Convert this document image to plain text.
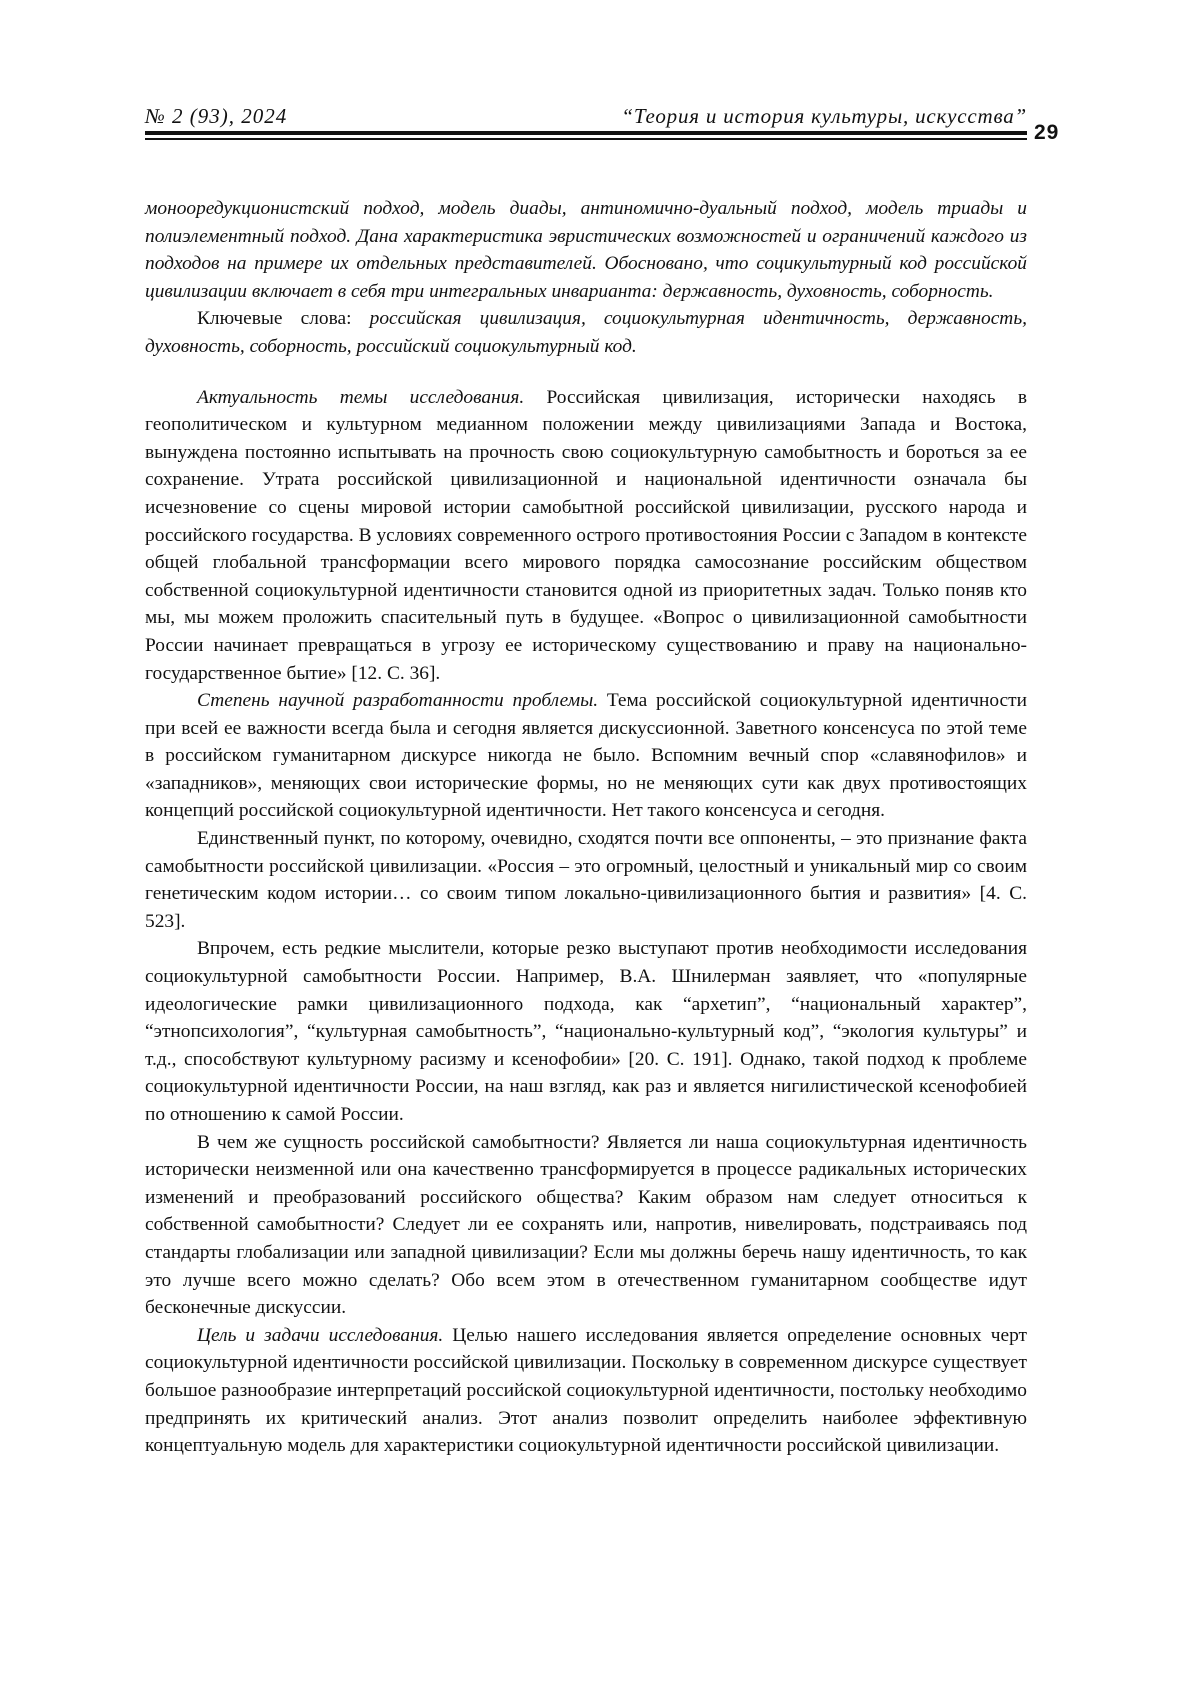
№ 2 (93), 2024	“Теория и история культуры, искусства”
29

монооредукционистский подход, модель диады, антиномично-дуальный подход, модель триады и полиэлементный подход. Дана характеристика эвристических возможностей и ограничений каждого из подходов на примере их отдельных представителей. Обосновано, что социкультурный код российской цивилизации включает в себя три интегральных инварианта: державность, духовность, соборность.

Ключевые слова: российская цивилизация, социокультурная идентичность, державность, духовность, соборность, российский социокультурный код.

Актуальность темы исследования. Российская цивилизация, исторически находясь в геополитическом и культурном медианном положении между цивилизациями Запада и Востока, вынуждена постоянно испытывать на прочность свою социокультурную самобытность и бороться за ее сохранение. Утрата российской цивилизационной и национальной идентичности означала бы исчезновение со сцены мировой истории самобытной российской цивилизации, русского народа и российского государства. В условиях современного острого противостояния России с Западом в контексте общей глобальной трансформации всего мирового порядка самосознание российским обществом собственной социокультурной идентичности становится одной из приоритетных задач. Только поняв кто мы, мы можем проложить спасительный путь в будущее. «Вопрос о цивилизационной самобытности России начинает превращаться в угрозу ее историческому существованию и праву на национально-государственное бытие» [12. С. 36].

Степень научной разработанности проблемы. Тема российской социокультурной идентичности при всей ее важности всегда была и сегодня является дискуссионной. Заветного консенсуса по этой теме в российском гуманитарном дискурсе никогда не было. Вспомним вечный спор «славянофилов» и «западников», меняющих свои исторические формы, но не меняющих сути как двух противостоящих концепций российской социокультурной идентичности. Нет такого консенсуса и сегодня.

Единственный пункт, по которому, очевидно, сходятся почти все оппоненты, – это признание факта самобытности российской цивилизации. «Россия – это огромный, целостный и уникальный мир со своим генетическим кодом истории… со своим типом локально-цивилизационного бытия и развития» [4. С. 523].

Впрочем, есть редкие мыслители, которые резко выступают против необходимости исследования социокультурной самобытности России. Например, В.А. Шнилерман заявляет, что «популярные идеологические рамки цивилизационного подхода, как “архетип”, “национальный характер”, “этнопсихология”, “культурная самобытность”, “национально-культурный код”, “экология культуры” и т.д., способствуют культурному расизму и ксенофобии» [20. С. 191]. Однако, такой подход к проблеме социокультурной идентичности России, на наш взгляд, как раз и является нигилистической ксенофобией по отношению к самой России.

В чем же сущность российской самобытности? Является ли наша социокультурная идентичность исторически неизменной или она качественно трансформируется в процессе радикальных исторических изменений и преобразований российского общества? Каким образом нам следует относиться к собственной самобытности? Следует ли ее сохранять или, напротив, нивелировать, подстраиваясь под стандарты глобализации или западной цивилизации? Если мы должны беречь нашу идентичность, то как это лучше всего можно сделать? Обо всем этом в отечественном гуманитарном сообществе идут бесконечные дискуссии.

Цель и задачи исследования. Целью нашего исследования является определение основных черт социокультурной идентичности российской цивилизации. Поскольку в современном дискурсе существует большое разнообразие интерпретаций российской социокультурной идентичности, постольку необходимо предпринять их критический анализ. Этот анализ позволит определить наиболее эффективную концептуальную модель для характеристики социокультурной идентичности российской цивилизации.
